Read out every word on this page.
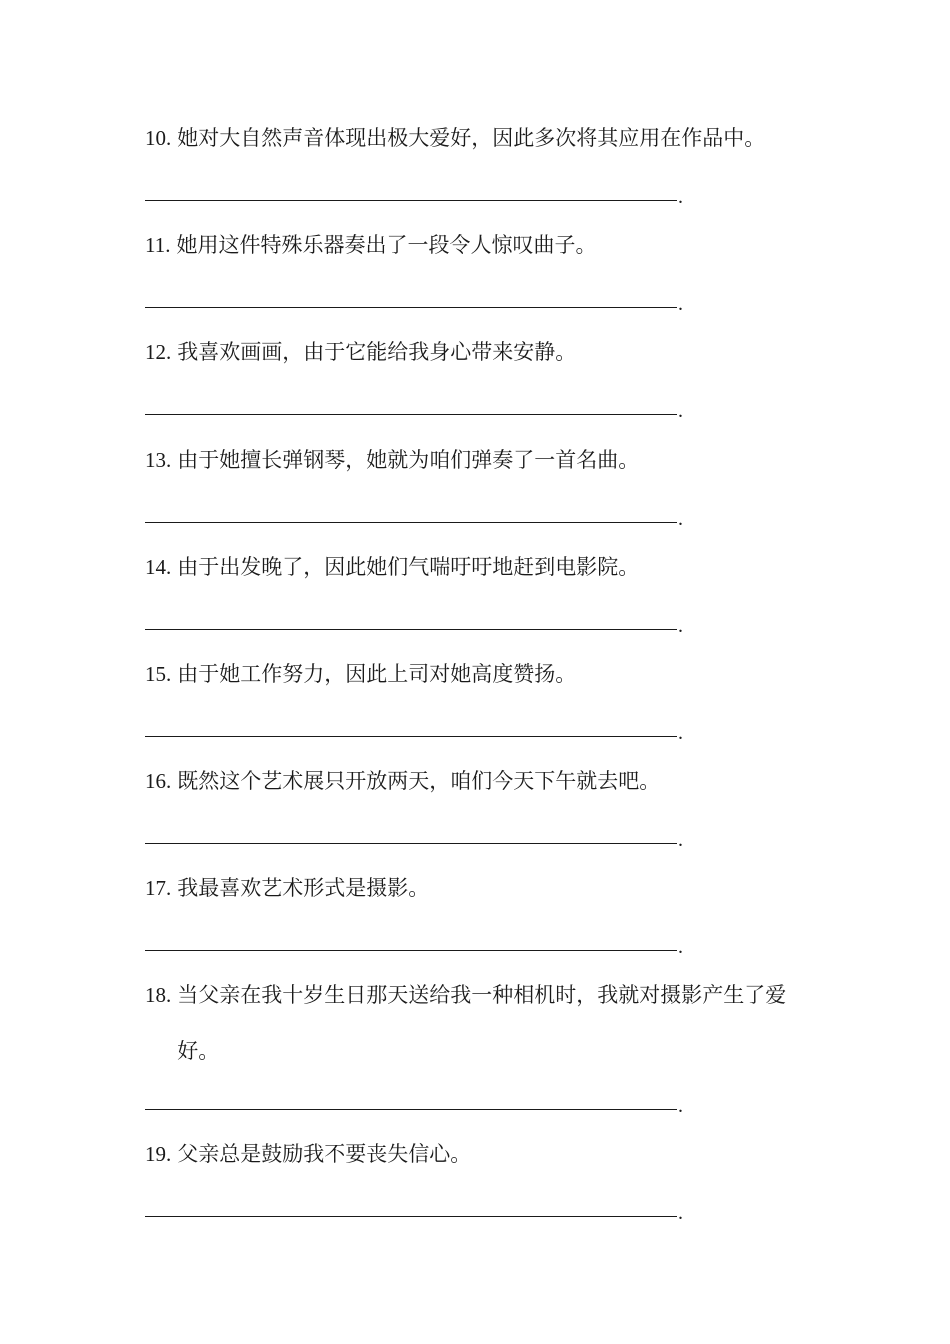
10. 她对大自然声音体现出极大爱好，因此多次将其应用在作品中。
.
11. 她用这件特殊乐器奏出了一段令人惊叹曲子。
.
12. 我喜欢画画，由于它能给我身心带来安静。
.
13. 由于她擅长弹钢琴，她就为咱们弹奏了一首名曲。
.
14. 由于出发晚了，因此她们气喘吁吁地赶到电影院。
.
15. 由于她工作努力，因此上司对她高度赞扬。
.
16. 既然这个艺术展只开放两天，咱们今天下午就去吧。
.
17. 我最喜欢艺术形式是摄影。
.
18. 当父亲在我十岁生日那天送给我一种相机时，我就对摄影产生了爱好。
.
19. 父亲总是鼓励我不要丧失信心。
.
